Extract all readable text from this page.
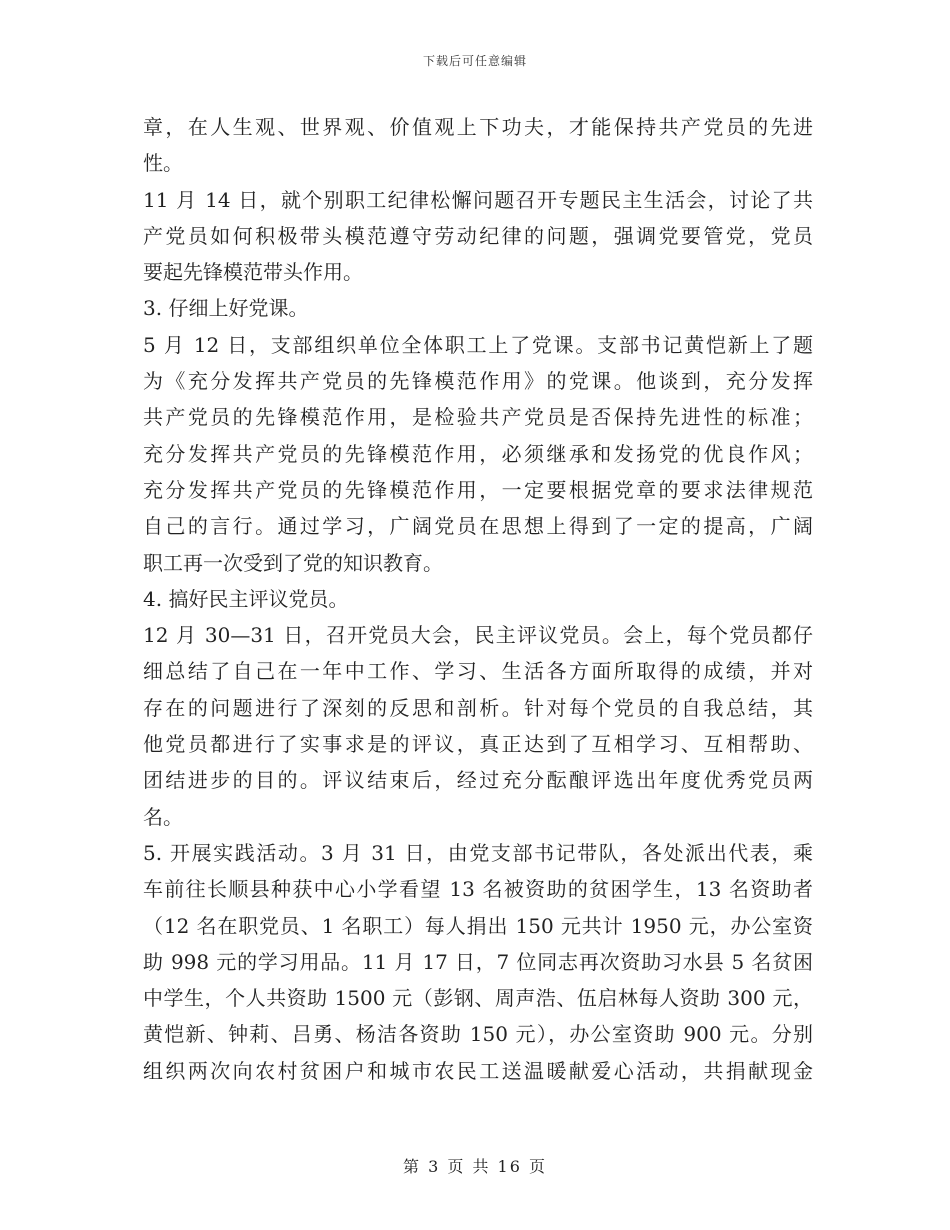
下载后可任意编辑
章，在人生观、世界观、价值观上下功夫，才能保持共产党员的先进
性。
11 月 14 日，就个别职工纪律松懈问题召开专题民主生活会，讨论了共
产党员如何积极带头模范遵守劳动纪律的问题，强调党要管党，党员
要起先锋模范带头作用。
3. 仔细上好党课。
5 月 12 日，支部组织单位全体职工上了党课。支部书记黄恺新上了题
为《充分发挥共产党员的先锋模范作用》的党课。他谈到，充分发挥
共产党员的先锋模范作用，是检验共产党员是否保持先进性的标准；
充分发挥共产党员的先锋模范作用，必须继承和发扬党的优良作风；
充分发挥共产党员的先锋模范作用，一定要根据党章的要求法律规范
自己的言行。通过学习，广阔党员在思想上得到了一定的提高，广阔
职工再一次受到了党的知识教育。
4. 搞好民主评议党员。
12 月 30—31 日，召开党员大会，民主评议党员。会上，每个党员都仔
细总结了自己在一年中工作、学习、生活各方面所取得的成绩，并对
存在的问题进行了深刻的反思和剖析。针对每个党员的自我总结，其
他党员都进行了实事求是的评议，真正达到了互相学习、互相帮助、
团结进步的目的。评议结束后，经过充分酝酿评选出年度优秀党员两
名。
5. 开展实践活动。3 月 31 日，由党支部书记带队，各处派出代表，乘
车前往长顺县种获中心小学看望 13 名被资助的贫困学生，13 名资助者
（12 名在职党员、1 名职工）每人捐出 150 元共计 1950 元，办公室资
助 998 元的学习用品。11 月 17 日，7 位同志再次资助习水县 5 名贫困
中学生，个人共资助 1500 元（彭钢、周声浩、伍启林每人资助 300 元，
黄恺新、钟莉、吕勇、杨洁各资助 150 元），办公室资助 900 元。分别
组织两次向农村贫困户和城市农民工送温暖献爱心活动，共捐献现金
第 3 页 共 16 页
